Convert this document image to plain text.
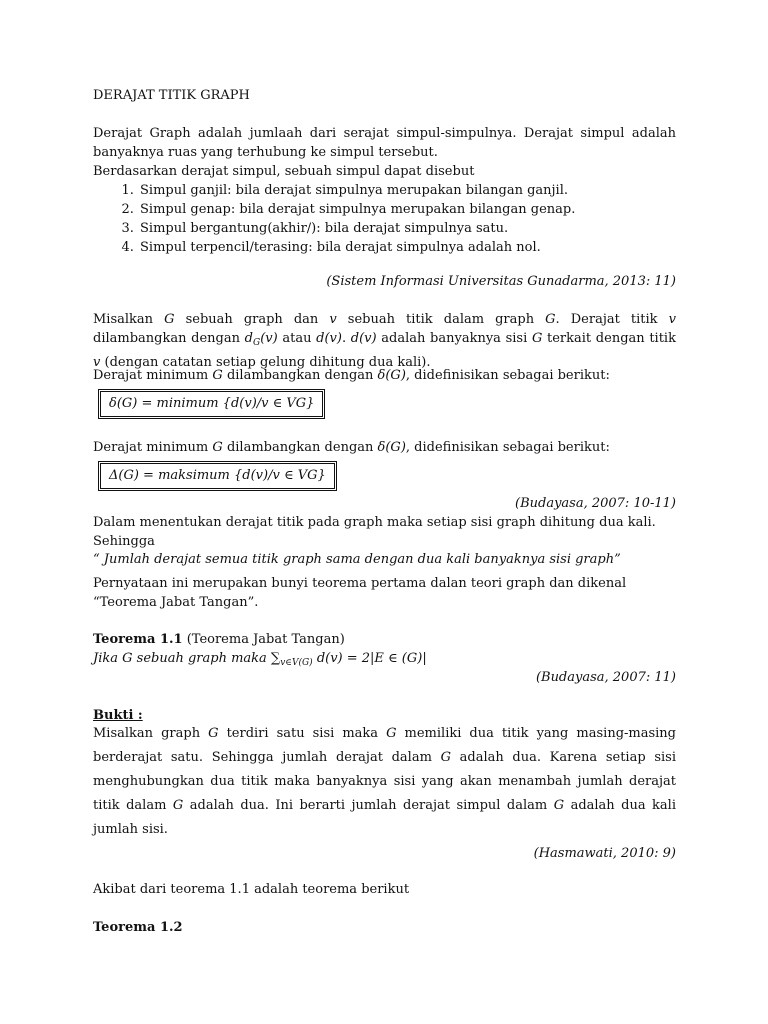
DERAJAT TITIK GRAPH
Derajat Graph adalah jumlaah dari serajat simpul-simpulnya. Derajat simpul adalah banyaknya ruas yang terhubung ke simpul tersebut.
Berdasarkan derajat simpul, sebuah simpul dapat disebut
1. Simpul ganjil: bila derajat simpulnya merupakan bilangan ganjil.
2. Simpul genap: bila derajat simpulnya merupakan bilangan genap.
3. Simpul bergantung(akhir/): bila derajat simpulnya satu.
4. Simpul terpencil/terasing: bila derajat simpulnya adalah nol.
(Sistem Informasi Universitas Gunadarma, 2013: 11)
Misalkan G sebuah graph dan v sebuah titik dalam graph G. Derajat titik v dilambangkan dengan $d_G(v)$ atau d(v). d(v) adalah banyaknya sisi G terkait dengan titik v (dengan catatan setiap gelung dihitung dua kali).
Derajat minimum G dilambangkan dengan δ(G), didefinisikan sebagai berikut:
δ(G) = minimum {d(v)/v ∈ VG}
Derajat minimum G dilambangkan dengan δ(G), didefinisikan sebagai berikut:
Δ(G) = maksimum {d(v)/v ∈ VG}
(Budayasa, 2007: 10-11)
Dalam menentukan derajat titik pada graph maka setiap sisi graph dihitung dua kali.
Sehingga
“ Jumlah derajat semua titik graph sama dengan dua kali banyaknya sisi graph”
Pernyataan ini merupakan bunyi teorema pertama dalan teori graph dan dikenal “Teorema Jabat Tangan”.
Teorema 1.1 (Teorema Jabat Tangan)
Jika G sebuah graph maka $\sum_{v\in V(G)}$ d(v) = 2|E ∈ (G)|
(Budayasa, 2007: 11)
Bukti :
Misalkan graph G terdiri satu sisi maka G memiliki dua titik yang masing-masing berderajat satu. Sehingga jumlah derajat dalam G adalah dua. Karena setiap sisi menghubungkan dua titik maka banyaknya sisi yang akan menambah jumlah derajat titik dalam G adalah dua. Ini berarti jumlah derajat simpul dalam G adalah dua kali jumlah sisi.
(Hasmawati, 2010: 9)
Akibat dari teorema 1.1 adalah teorema berikut
Teorema 1.2
